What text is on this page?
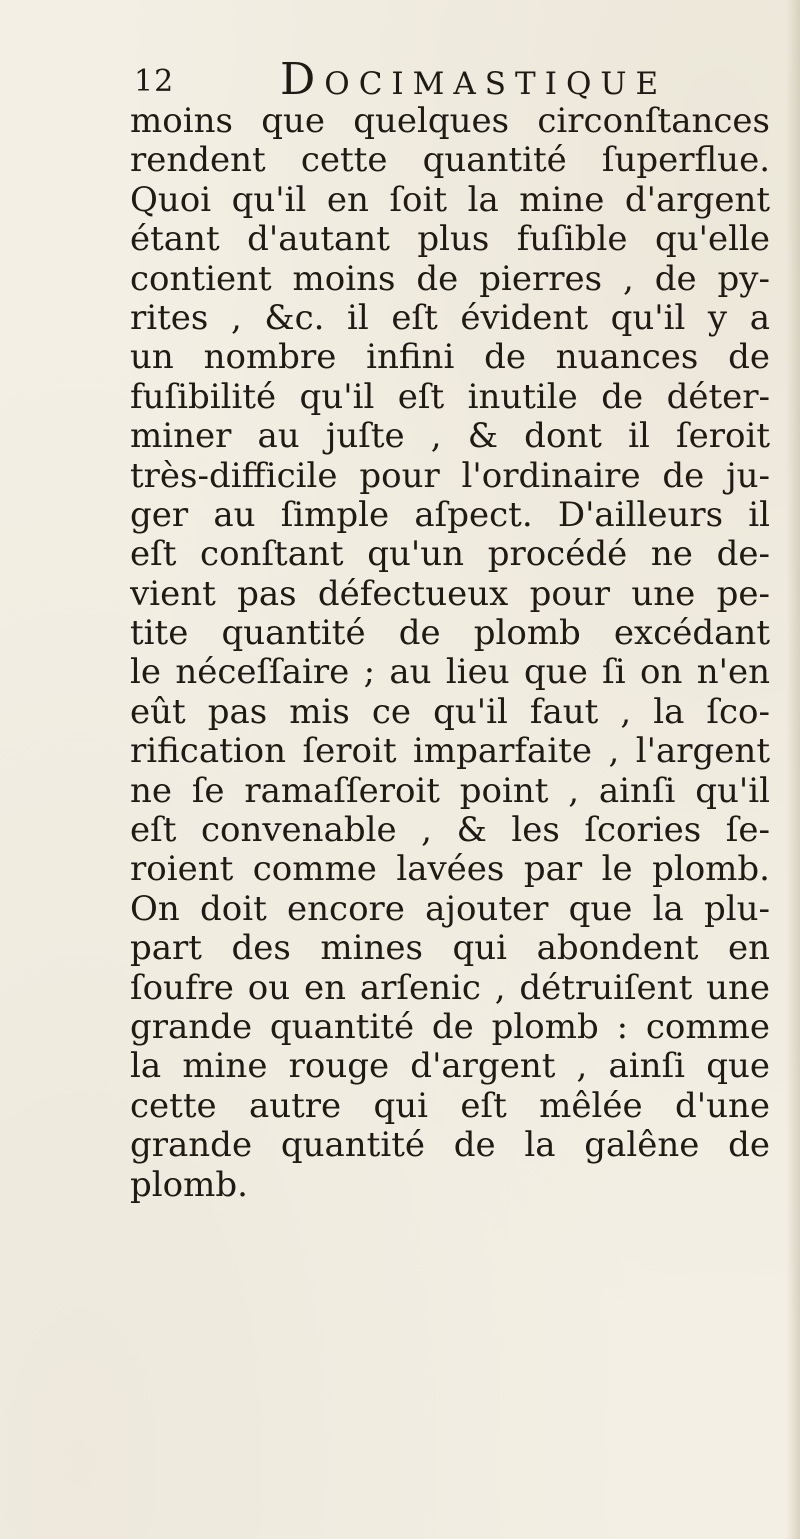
12 Docimastique
moins que quelques circonſtances
rendent cette quantité ſuperflue.
Quoi qu'il en ſoit la mine d'argent
étant d'autant plus fuſible qu'elle
contient moins de pierres , de py-
rites , &c. il eſt évident qu'il y a
un nombre infini de nuances de
fuſibilité qu'il eſt inutile de déter-
miner au juſte , & dont il ſeroit
très-difficile pour l'ordinaire de ju-
ger au ſimple aſpect. D'ailleurs il
eſt conſtant qu'un procédé ne de-
vient pas défectueux pour une pe-
tite quantité de plomb excédant
le néceſſaire ; au lieu que ſi on n'en
eût pas mis ce qu'il faut , la ſco-
rification ſeroit imparfaite , l'argent
ne ſe ramaſſeroit point , ainſi qu'il
eſt convenable , & les ſcories ſe-
roient comme lavées par le plomb.
On doit encore ajouter que la plu-
part des mines qui abondent en
ſoufre ou en arſenic , détruiſent une
grande quantité de plomb : comme
la mine rouge d'argent , ainſi que
cette autre qui eſt mêlée d'une
grande quantité de la galêne de
plomb.
